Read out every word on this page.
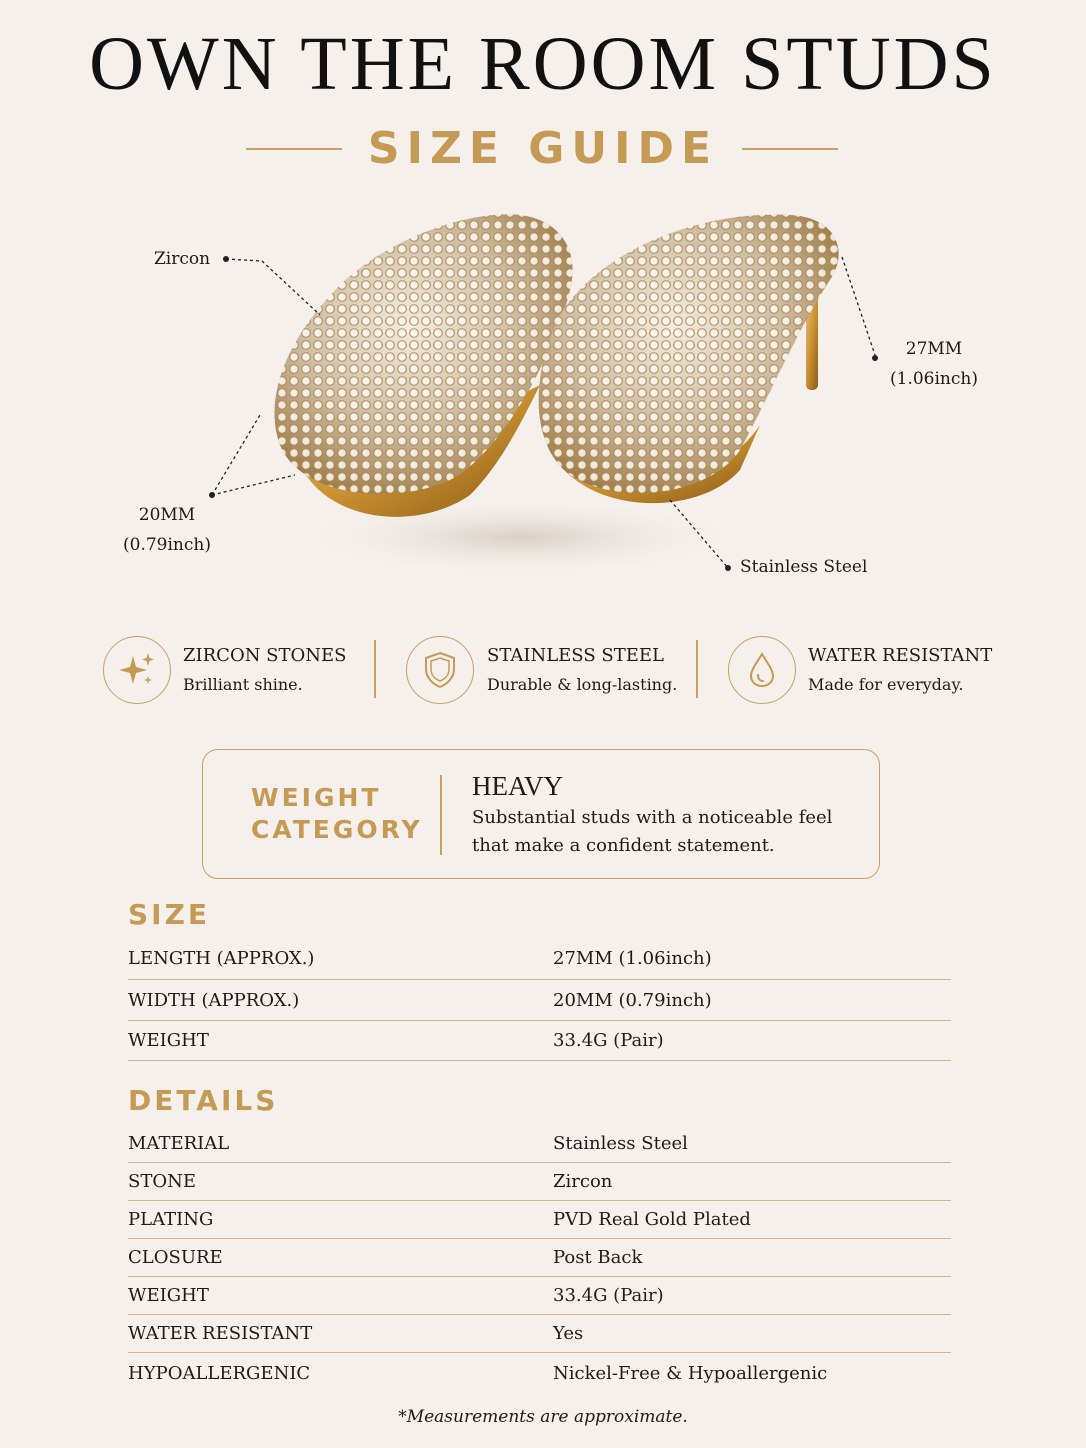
OWN THE ROOM STUDS
SIZE GUIDE
Zircon
27MM
(1.06inch)
20MM
(0.79inch)
Stainless Steel
ZIRCON STONES
Brilliant shine.
STAINLESS STEEL
Durable & long-lasting.
WATER RESISTANT
Made for everyday.
WEIGHT
CATEGORY
HEAVY
Substantial studs with a noticeable feel
that make a confident statement.
SIZE
LENGTH (APPROX.)	27MM (1.06inch)
WIDTH (APPROX.)	20MM (0.79inch)
WEIGHT	33.4G (Pair)
DETAILS
MATERIAL	Stainless Steel
STONE	Zircon
PLATING	PVD Real Gold Plated
CLOSURE	Post Back
WEIGHT	33.4G (Pair)
WATER RESISTANT	Yes
HYPOALLERGENIC	Nickel-Free & Hypoallergenic
*Measurements are approximate.
